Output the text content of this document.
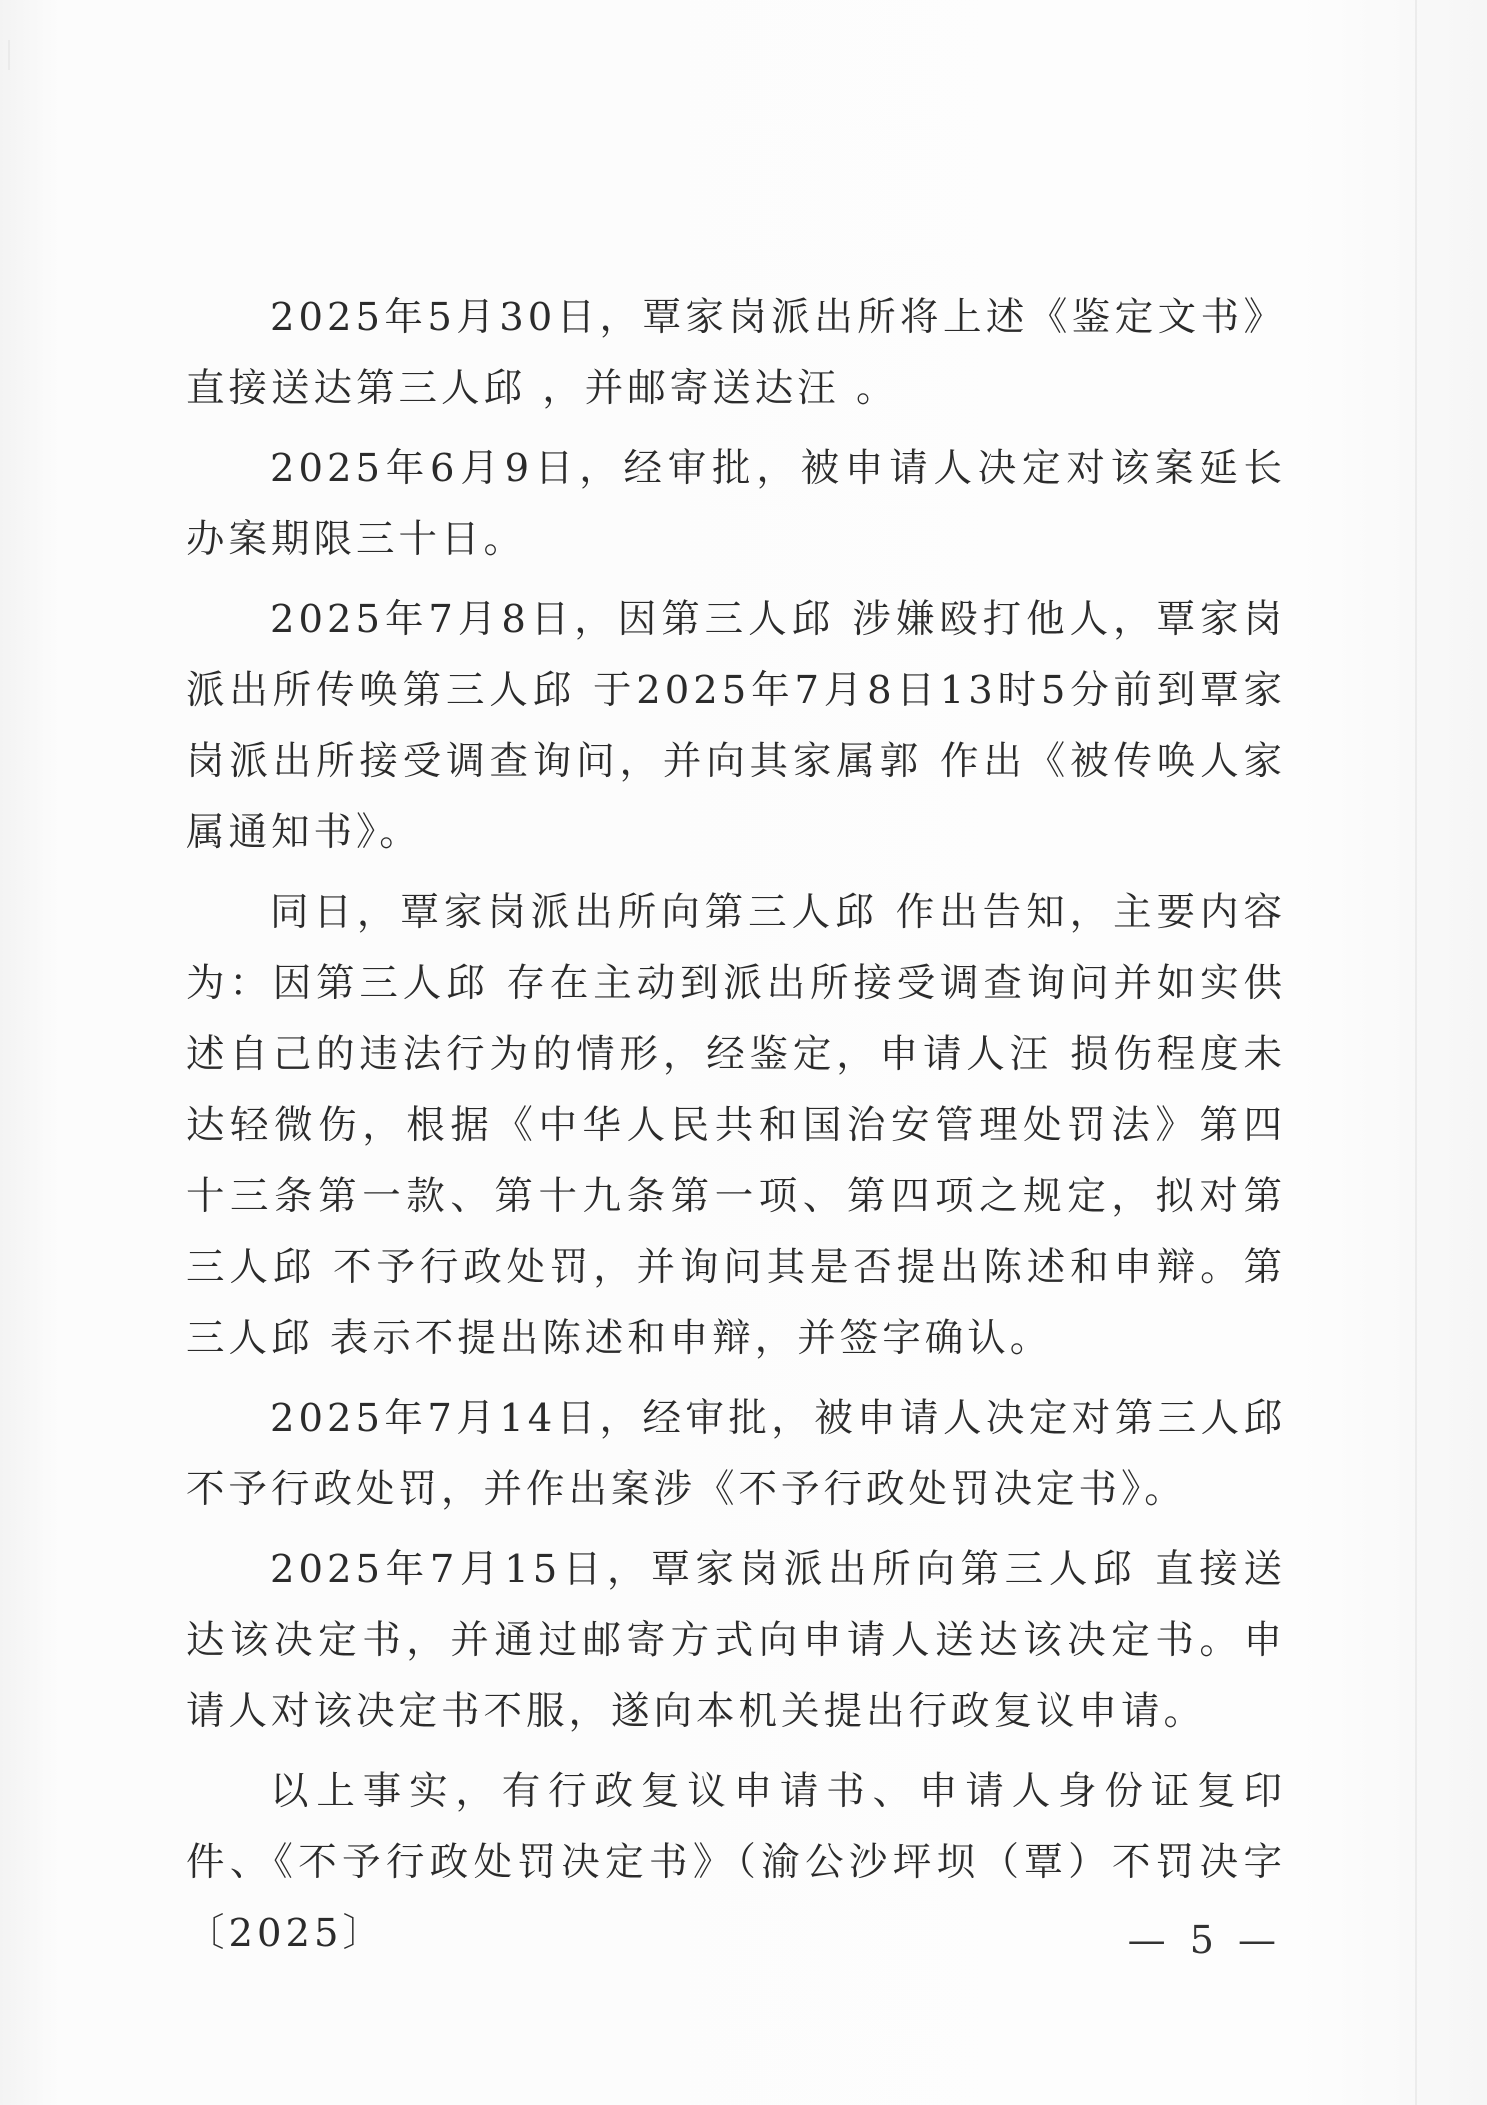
2025年5月30日，覃家岗派出所将上述《鉴定文书》直接送达第三人邱 ，并邮寄送达汪 。

2025年6月9日，经审批，被申请人决定对该案延长办案期限三十日。

2025年7月8日，因第三人邱 涉嫌殴打他人，覃家岗派出所传唤第三人邱 于2025年7月8日13时5分前到覃家岗派出所接受调查询问，并向其家属郭 作出《被传唤人家属通知书》。

同日，覃家岗派出所向第三人邱 作出告知，主要内容为：因第三人邱 存在主动到派出所接受调查询问并如实供述自己的违法行为的情形，经鉴定，申请人汪 损伤程度未达轻微伤，根据《中华人民共和国治安管理处罚法》第四十三条第一款、第十九条第一项、第四项之规定，拟对第三人邱 不予行政处罚，并询问其是否提出陈述和申辩。第三人邱 表示不提出陈述和申辩，并签字确认。

2025年7月14日，经审批，被申请人决定对第三人邱 不予行政处罚，并作出案涉《不予行政处罚决定书》。

2025年7月15日，覃家岗派出所向第三人邱 直接送达该决定书，并通过邮寄方式向申请人送达该决定书。申请人对该决定书不服，遂向本机关提出行政复议申请。

以上事实，有行政复议申请书、申请人身份证复印件、《不予行政处罚决定书》（渝公沙坪坝（覃）不罚决字〔2025〕	— 5 —
